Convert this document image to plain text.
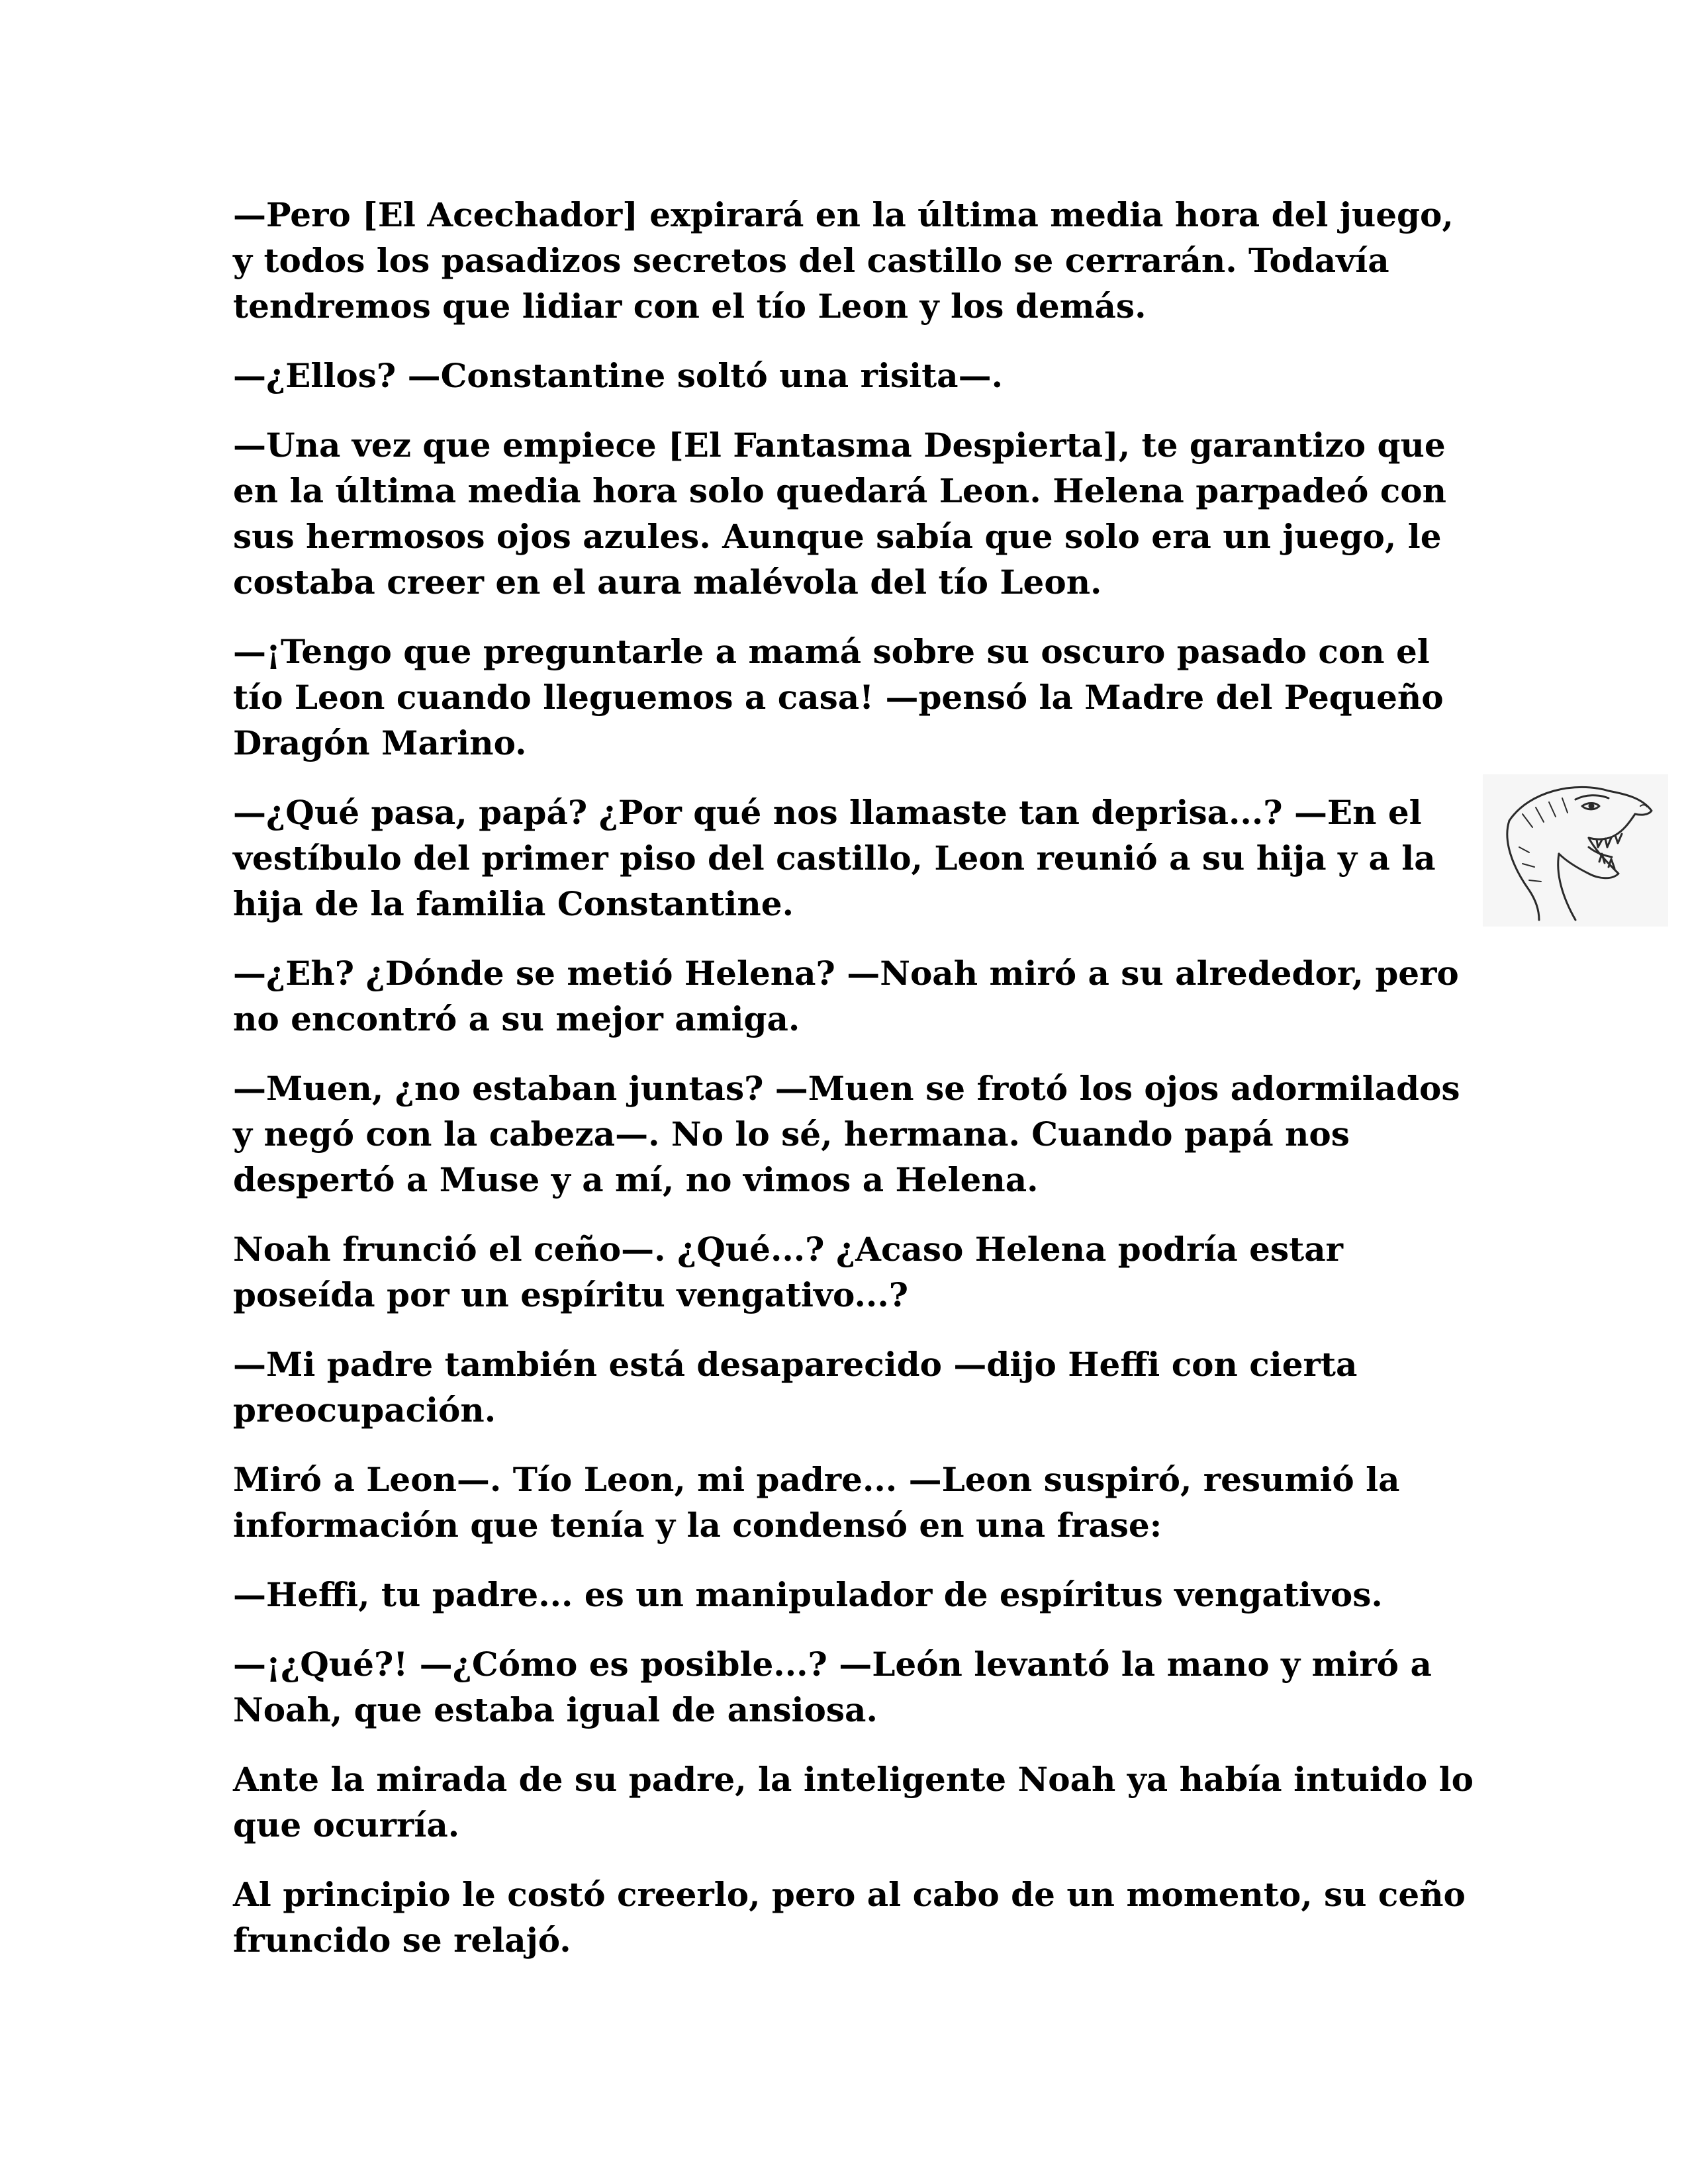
—Pero [El Acechador] expirará en la última media hora del juego, y todos los pasadizos secretos del castillo se cerrarán. Todavía tendremos que lidiar con el tío Leon y los demás.

—¿Ellos? —Constantine soltó una risita—.

—Una vez que empiece [El Fantasma Despierta], te garantizo que en la última media hora solo quedará Leon. Helena parpadeó con sus hermosos ojos azules. Aunque sabía que solo era un juego, le costaba creer en el aura malévola del tío Leon.

—¡Tengo que preguntarle a mamá sobre su oscuro pasado con el tío Leon cuando lleguemos a casa! —pensó la Madre del Pequeño Dragón Marino.

—¿Qué pasa, papá? ¿Por qué nos llamaste tan deprisa...? —En el vestíbulo del primer piso del castillo, Leon reunió a su hija y a la hija de la familia Constantine.

—¿Eh? ¿Dónde se metió Helena? —Noah miró a su alrededor, pero no encontró a su mejor amiga.

—Muen, ¿no estaban juntas? —Muen se frotó los ojos adormilados y negó con la cabeza—. No lo sé, hermana. Cuando papá nos despertó a Muse y a mí, no vimos a Helena.

Noah frunció el ceño—. ¿Qué...? ¿Acaso Helena podría estar poseída por un espíritu vengativo...?

—Mi padre también está desaparecido —dijo Heffi con cierta preocupación.

Miró a Leon—. Tío Leon, mi padre... —Leon suspiró, resumió la información que tenía y la condensó en una frase:

—Heffi, tu padre... es un manipulador de espíritus vengativos.

—¡¿Qué?! —¿Cómo es posible...? —León levantó la mano y miró a Noah, que estaba igual de ansiosa.

Ante la mirada de su padre, la inteligente Noah ya había intuido lo que ocurría.

Al principio le costó creerlo, pero al cabo de un momento, su ceño fruncido se relajó.
